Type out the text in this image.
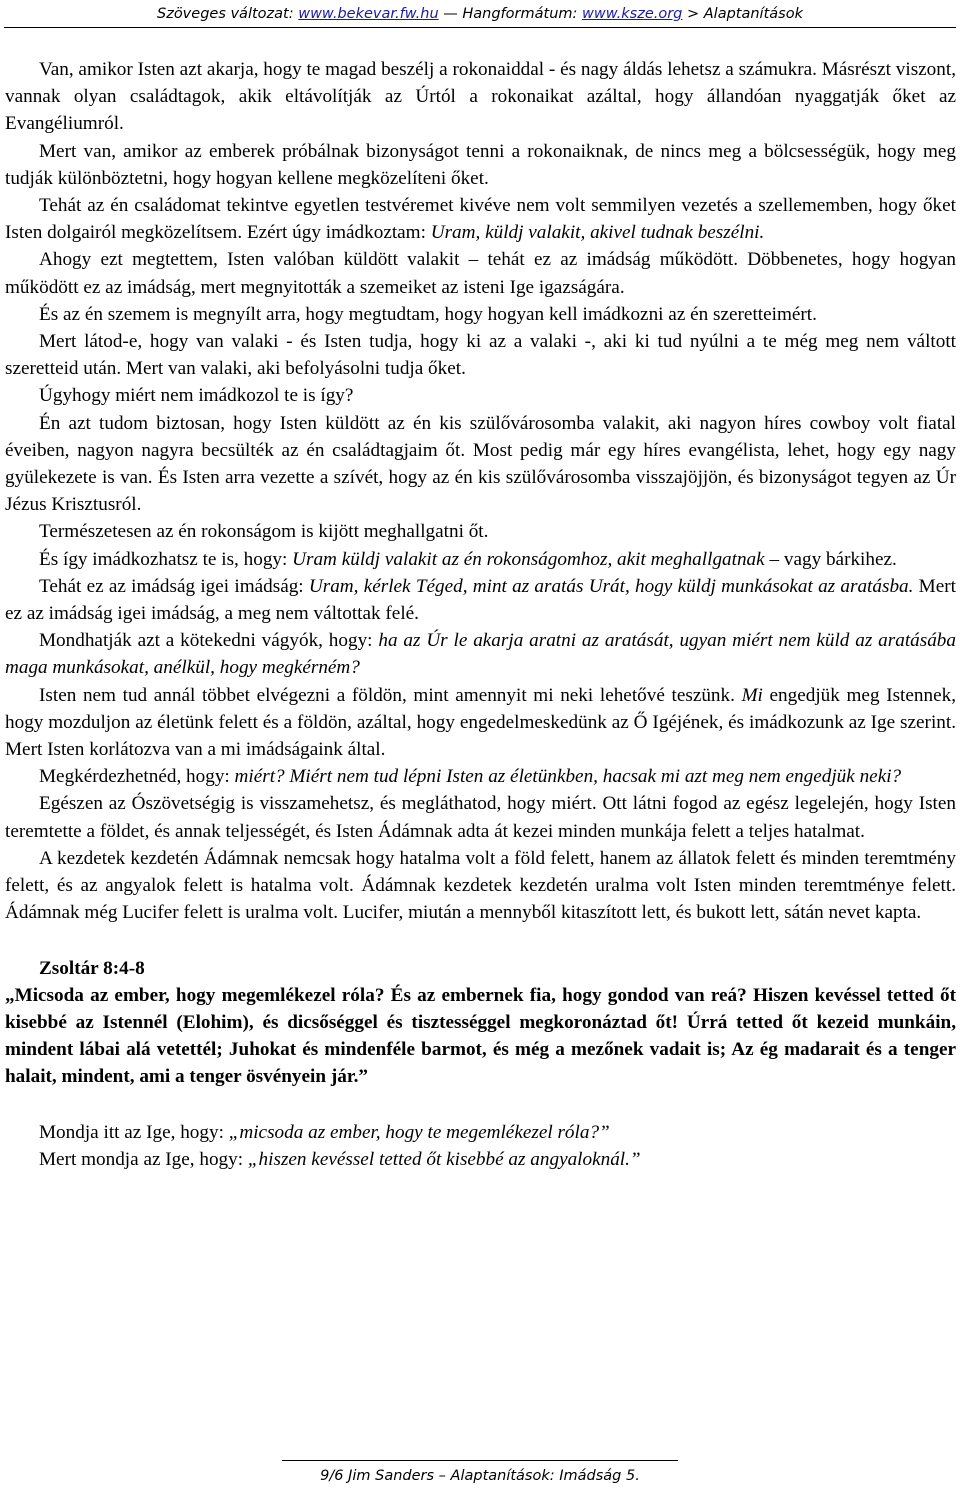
Szöveges változat: www.bekevar.fw.hu — Hangformátum: www.ksze.org > Alaptanítások

Van, amikor Isten azt akarja, hogy te magad beszélj a rokonaiddal - és nagy áldás lehetsz a számukra. Másrészt viszont, vannak olyan családtagok, akik eltávolítják az Úrtól a rokonaikat azáltal, hogy állandóan nyaggatják őket az Evangéliumról.

Mert van, amikor az emberek próbálnak bizonyságot tenni a rokonaiknak, de nincs meg a bölcsességük, hogy meg tudják különböztetni, hogy hogyan kellene megközelíteni őket.

Tehát az én családomat tekintve egyetlen testvéremet kivéve nem volt semmilyen vezetés a szellememben, hogy őket Isten dolgairól megközelítsem. Ezért úgy imádkoztam: Uram, küldj valakit, akivel tudnak beszélni.

Ahogy ezt megtettem, Isten valóban küldött valakit – tehát ez az imádság működött. Döbbenetes, hogy hogyan működött ez az imádság, mert megnyitották a szemeiket az isteni Ige igazságára.

És az én szemem is megnyílt arra, hogy megtudtam, hogy hogyan kell imádkozni az én szeretteimért.

Mert látod-e, hogy van valaki - és Isten tudja, hogy ki az a valaki -, aki ki tud nyúlni a te még meg nem váltott szeretteid után. Mert van valaki, aki befolyásolni tudja őket.

Úgyhogy miért nem imádkozol te is így?

Én azt tudom biztosan, hogy Isten küldött az én kis szülővárosomba valakit, aki nagyon híres cowboy volt fiatal éveiben, nagyon nagyra becsülték az én családtagjaim őt. Most pedig már egy híres evangélista, lehet, hogy egy nagy gyülekezete is van. És Isten arra vezette a szívét, hogy az én kis szülővárosomba visszajöjjön, és bizonyságot tegyen az Úr Jézus Krisztusról.

Természetesen az én rokonságom is kijött meghallgatni őt.

És így imádkozhatsz te is, hogy: Uram küldj valakit az én rokonságomhoz, akit meghallgatnak – vagy bárkihez.

Tehát ez az imádság igei imádság: Uram, kérlek Téged, mint az aratás Urát, hogy küldj munkásokat az aratásba. Mert ez az imádság igei imádság, a meg nem váltottak felé.

Mondhatják azt a kötekedni vágyók, hogy: ha az Úr le akarja aratni az aratását, ugyan miért nem küld az aratásába maga munkásokat, anélkül, hogy megkérném?

Isten nem tud annál többet elvégezni a földön, mint amennyit mi neki lehetővé teszünk. Mi engedjük meg Istennek, hogy mozduljon az életünk felett és a földön, azáltal, hogy engedelmeskedünk az Ő Igéjének, és imádkozunk az Ige szerint. Mert Isten korlátozva van a mi imádságaink által.

Megkérdezhetnéd, hogy: miért? Miért nem tud lépni Isten az életünkben, hacsak mi azt meg nem engedjük neki?

Egészen az Ószövetségig is visszamehetsz, és megláthatod, hogy miért. Ott látni fogod az egész legelején, hogy Isten teremtette a földet, és annak teljességét, és Isten Ádámnak adta át kezei minden munkája felett a teljes hatalmat.

A kezdetek kezdetén Ádámnak nemcsak hogy hatalma volt a föld felett, hanem az állatok felett és minden teremtmény felett, és az angyalok felett is hatalma volt. Ádámnak kezdetek kezdetén uralma volt Isten minden teremtménye felett. Ádámnak még Lucifer felett is uralma volt. Lucifer, miután a mennyből kitaszított lett, és bukott lett, sátán nevet kapta.

Zsoltár 8:4-8

„Micsoda az ember, hogy megemlékezel róla? És az embernek fia, hogy gondod van reá? Hiszen kevéssel tetted őt kisebbé az Istennél (Elohim), és dicsőséggel és tisztességgel megkoronáztad őt! Úrrá tetted őt kezeid munkáin, mindent lábai alá vetettél; Juhokat és mindenféle barmot, és még a mezőnek vadait is; Az ég madarait és a tenger halait, mindent, ami a tenger ösvényein jár.”

Mondja itt az Ige, hogy: „micsoda az ember, hogy te megemlékezel róla?”

Mert mondja az Ige, hogy: „hiszen kevéssel tetted őt kisebbé az angyaloknál.”

9/6 Jim Sanders – Alaptanítások: Imádság 5.
